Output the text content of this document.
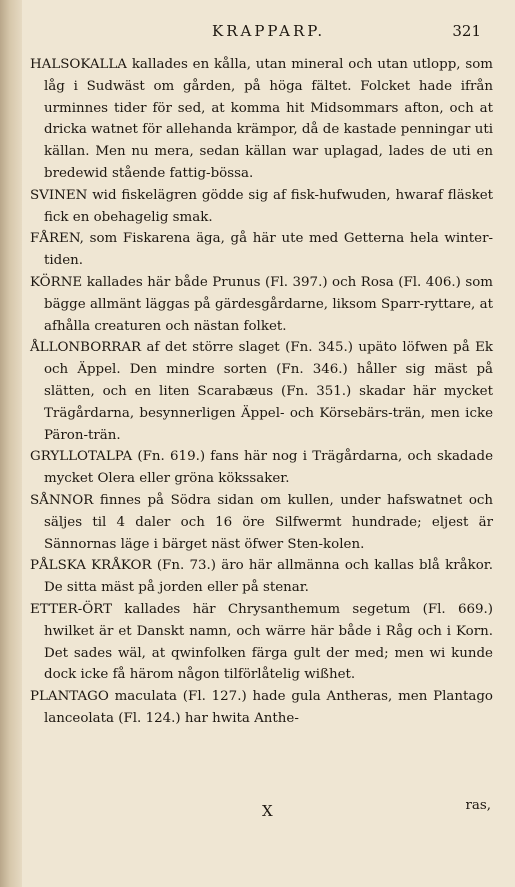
KRAPPARP.	321

HALSOKALLA kallades en kålla, utan mineral och utan utlopp, som låg i Sudwäst om gården, på höga fältet. Folcket hade ifrån urminnes tider för sed, at komma hit Midsommars afton, och at dricka watnet för allehanda krämpor, då de kastade penningar uti källan. Men nu mera, sedan källan war uplagad, lades de uti en bredewid stående fattig-bössa.

SVINEN wid fiskelägren gödde sig af fisk-hufwuden, hwaraf fläsket fick en obehagelig smak.

FÅREN, som Fiskarena äga, gå här ute med Getterna hela winter-tiden.

KÖRNE kallades här både Prunus (Fl. 397.) och Rosa (Fl. 406.) som bägge allmänt läggas på gärdesgårdarne, liksom Sparr-ryttare, at afhålla creaturen och nästan folket.

ÅLLONBORRAR af det större slaget (Fn. 345.) upäto löfwen på Ek och Äppel. Den mindre sorten (Fn. 346.) håller sig mäst på slätten, och en liten Scarabæus (Fn. 351.) skadar här mycket Trägårdarna, besynnerligen Äppel- och Körsebärs-trän, men icke Päron-trän.

GRYLLOTALPA (Fn. 619.) fans här nog i Trägårdarna, och skadade mycket Olera eller gröna kökssaker.

SÅNNOR finnes på Södra sidan om kullen, under hafswatnet och säljes til 4 daler och 16 öre Silfwermt hundrade; eljest är Sännornas läge i bärget näst öfwer Sten-kolen.

PÅLSKA KRÅKOR (Fn. 73.) äro här allmänna och kallas blå kråkor. De sitta mäst på jorden eller på stenar.

ETTER-ÖRT kallades här Chrysanthemum segetum (Fl. 669.) hwilket är et Danskt namn, och wärre här både i Råg och i Korn. Det sades wäl, at qwinfolken färga gult der med; men wi kunde dock icke få härom någon tilförlåtelig wißhet.

PLANTAGO maculata (Fl. 127.) hade gula Antheras, men Plantago lanceolata (Fl. 124.) har hwita Anthe-

X	ras,
